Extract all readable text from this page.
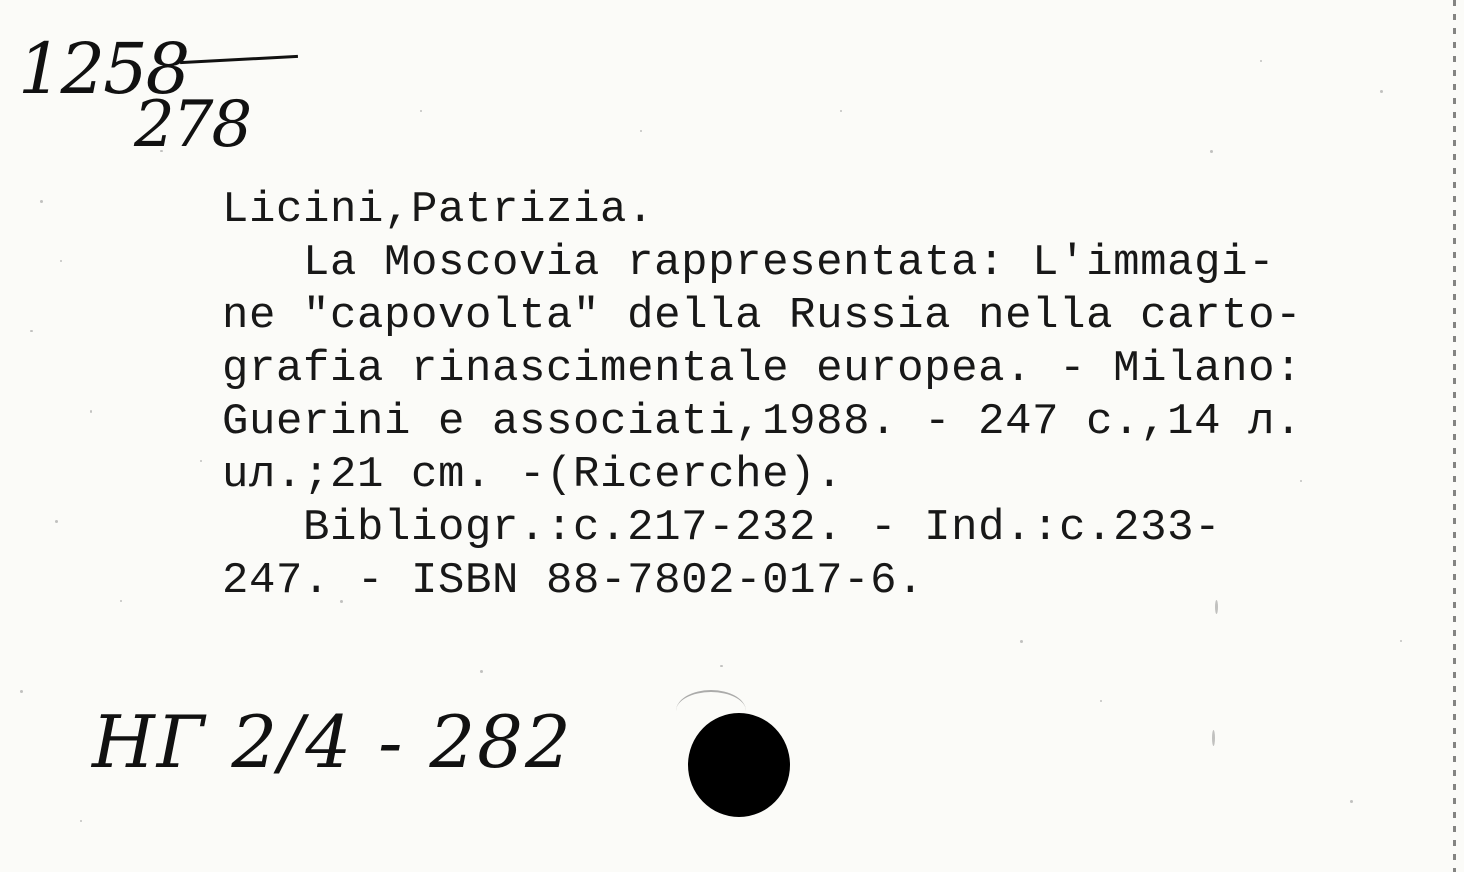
1258
278
Licini,Patrizia.
La Moscovia rappresentata: L'immagi-
ne "capovolta" della Russia nella carto-
grafia rinascimentale europea. - Milano:
Guerini e associati,1988. - 247 c.,14 л.
uл.;21 cm. -(Ricerche).
Bibliogr.:c.217-232. - Ind.:c.233-
247. - ISBN 88-7802-017-6.
НГ 2/4 - 282
